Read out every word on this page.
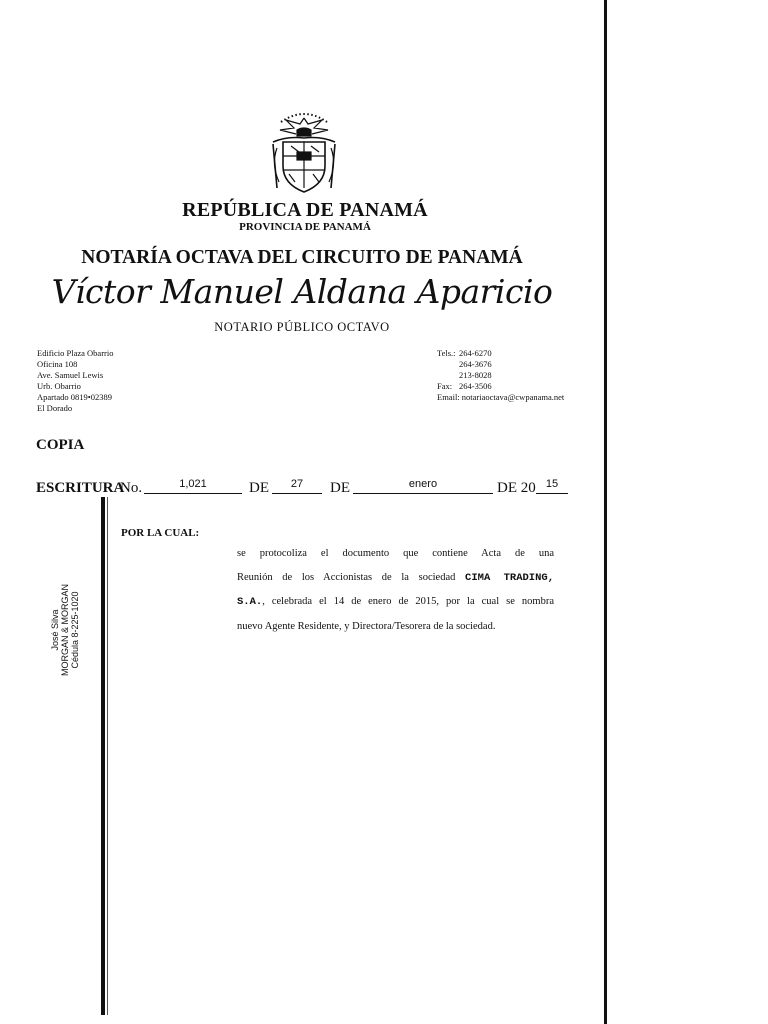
REPÚBLICA DE PANAMÁ
PROVINCIA DE PANAMÁ
NOTARÍA OCTAVA DEL CIRCUITO DE PANAMÁ
Víctor Manuel Aldana Aparicio
NOTARIO PÚBLICO OCTAVO
Edificio Plaza Obarrio
Oficina 108
Ave. Samuel Lewis
Urb. Obarrio
Apartado 0819•02389
El Dorado
Tels.: 264-6270
264-3676
213-8028
Fax: 264-3506
Email:
notariaoctava@cwpanama.net
COPIA
ESCRITURA
No.	1,021	DE	27	DE	enero	DE 20 15
POR LA CUAL:
se protocoliza el documento que contiene Acta de una
Reunión de los Accionistas de la sociedad CIMA TRADING,
S.A., celebrada el 14 de enero de 2015, por la cual se nombra
nuevo Agente Residente, y Directora/Tesorera de la sociedad.
José Silva MORGAN & MORGAN Cédula 8-225-1020
